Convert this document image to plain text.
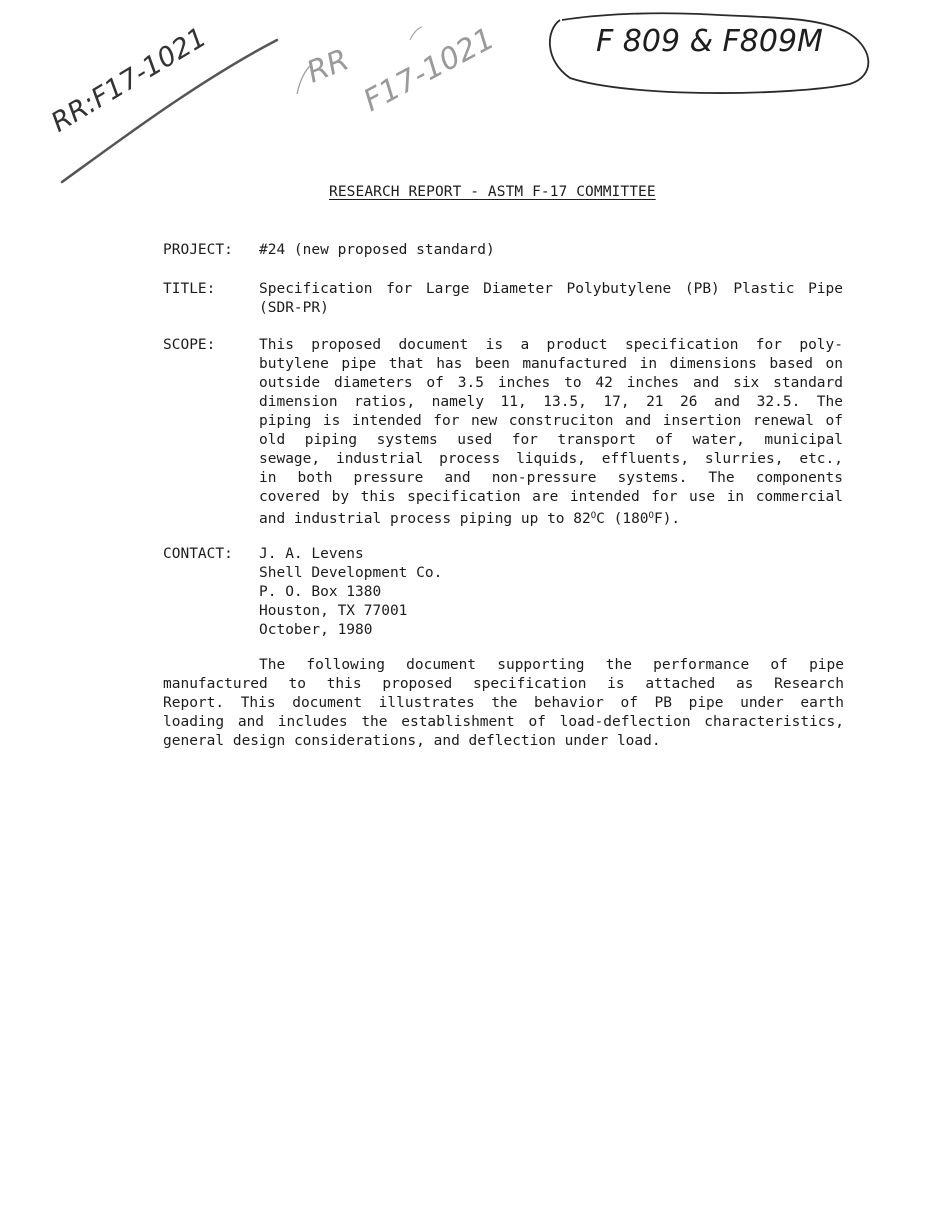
RR:F17-1021	RR F17-1021	F 809 & F809M
RESEARCH REPORT - ASTM F-17 COMMITTEE
PROJECT:	#24 (new proposed standard)
TITLE:	Specification for Large Diameter Polybutylene (PB) Plastic Pipe
(SDR-PR)
SCOPE:	This proposed document is a product specification for poly-
butylene pipe that has been manufactured in dimensions based on
outside diameters of 3.5 inches to 42 inches and six standard
dimension ratios, namely 11, 13.5, 17, 21 26 and 32.5. The
piping is intended for new construciton and insertion renewal of
old piping systems used for transport of water, municipal
sewage, industrial process liquids, effluents, slurries, etc.,
in both pressure and non-pressure systems. The components
covered by this specification are intended for use in commercial
and industrial process piping up to $82^OC$ $(180^OF)$.
CONTACT:	J. A. Levens
Shell Development Co.
P. O. Box 1380
Houston, TX 77001
October, 1980
The following document supporting the performance of pipe
manufactured to this proposed specification is attached as Research
Report. This document illustrates the behavior of PB pipe under earth
loading and includes the establishment of load-deflection characteristics,
general design considerations, and deflection under load.
